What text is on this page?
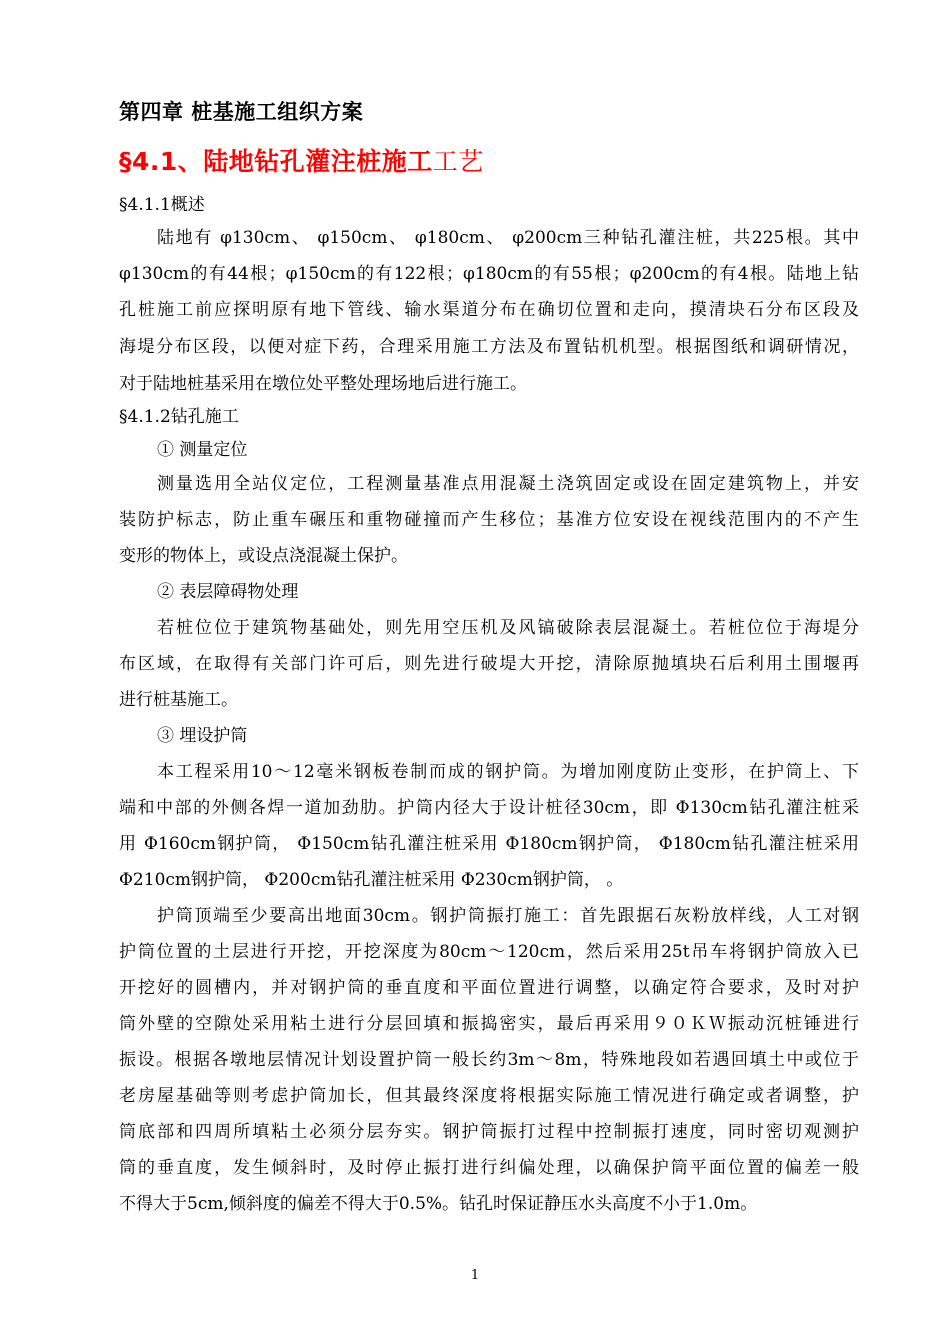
第四章 桩基施工组织方案
§4.1、陆地钻孔灌注桩施工工艺
§4.1.1概述
陆地有 φ130cm、 φ150cm、 φ180cm、 φ200cm三种钻孔灌注桩，共225根。其中
φ130cm的有44根；φ150cm的有122根；φ180cm的有55根；φ200cm的有4根。陆地上钻
孔桩施工前应探明原有地下管线、输水渠道分布在确切位置和走向，摸清块石分布区段及
海堤分布区段，以便对症下药，合理采用施工方法及布置钻机机型。根据图纸和调研情况，
对于陆地桩基采用在墩位处平整处理场地后进行施工。
§4.1.2钻孔施工
① 测量定位
测量选用全站仪定位，工程测量基准点用混凝土浇筑固定或设在固定建筑物上，并安
装防护标志，防止重车碾压和重物碰撞而产生移位；基准方位安设在视线范围内的不产生
变形的物体上，或设点浇混凝土保护。
② 表层障碍物处理
若桩位位于建筑物基础处，则先用空压机及风镐破除表层混凝土。若桩位位于海堤分
布区域，在取得有关部门许可后，则先进行破堤大开挖，清除原抛填块石后利用土围堰再
进行桩基施工。
③ 埋设护筒
本工程采用10～12毫米钢板卷制而成的钢护筒。为增加刚度防止变形，在护筒上、下
端和中部的外侧各焊一道加劲肋。护筒内径大于设计桩径30cm，即 Φ130cm钻孔灌注桩采
用 Φ160cm钢护筒， Φ150cm钻孔灌注桩采用 Φ180cm钢护筒， Φ180cm钻孔灌注桩采用
Φ210cm钢护筒， Φ200cm钻孔灌注桩采用 Φ230cm钢护筒， 。
护筒顶端至少要高出地面30cm。钢护筒振打施工：首先跟据石灰粉放样线，人工对钢
护筒位置的土层进行开挖，开挖深度为80cm～120cm，然后采用25t吊车将钢护筒放入已
开挖好的圆槽内，并对钢护筒的垂直度和平面位置进行调整，以确定符合要求，及时对护
筒外壁的空隙处采用粘土进行分层回填和振捣密实，最后再采用９０ＫＷ振动沉桩锤进行
振设。根据各墩地层情况计划设置护筒一般长约3m～8m，特殊地段如若遇回填土中或位于
老房屋基础等则考虑护筒加长，但其最终深度将根据实际施工情况进行确定或者调整，护
筒底部和四周所填粘土必须分层夯实。钢护筒振打过程中控制振打速度，同时密切观测护
筒的垂直度，发生倾斜时，及时停止振打进行纠偏处理，以确保护筒平面位置的偏差一般
不得大于5cm,倾斜度的偏差不得大于0.5%。钻孔时保证静压水头高度不小于1.0m。
1
